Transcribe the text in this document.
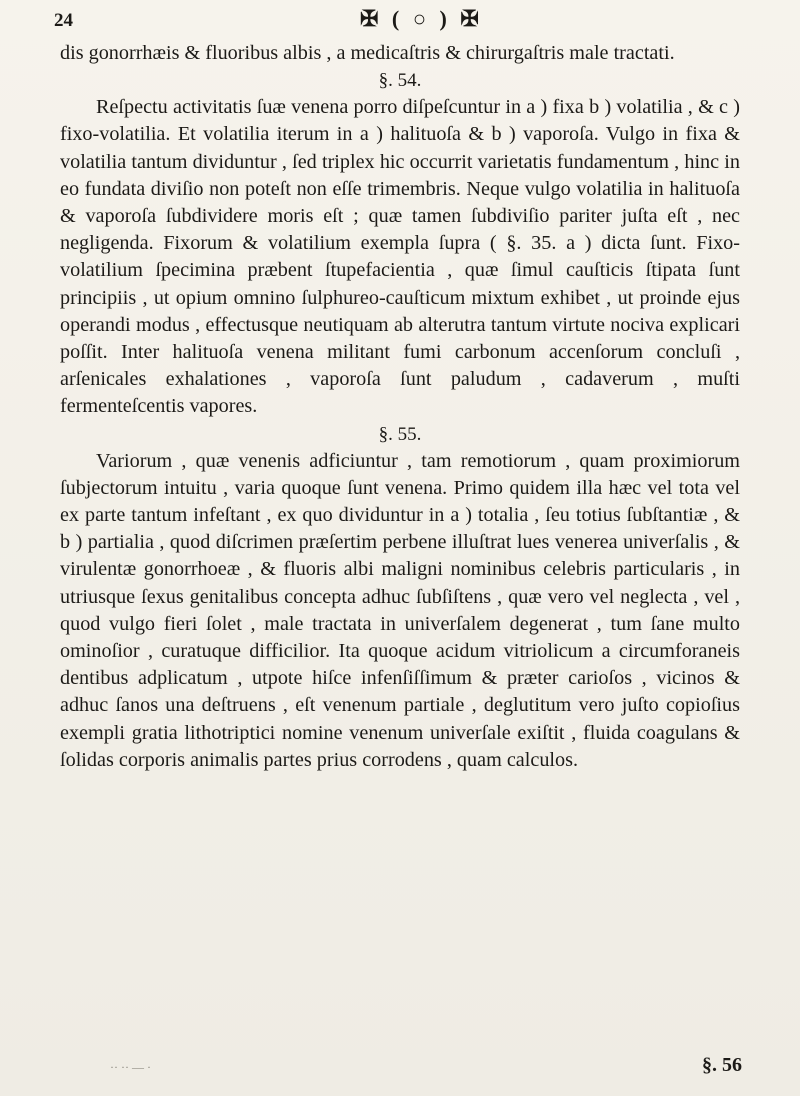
24	✠ ( ○ ) ✠

dis gonorrhæis & fluoribus albis , a medicaſtris & chirurgaſtris male tractati.

§. 54.

Reſpectu activitatis ſuæ venena porro diſpeſcuntur in a ) fixa b ) volatilia , & c ) fixo-volatilia. Et volatilia iterum in a ) halituoſa & b ) vaporoſa. Vulgo in fixa & volatilia tantum dividuntur , ſed triplex hic occurrit varietatis fundamentum , hinc in eo fundata diviſio non poteſt non eſſe trimembris. Neque vulgo volatilia in halituoſa & vaporoſa ſubdividere moris eſt ; quæ tamen ſubdiviſio pariter juſta eſt , nec negligenda. Fixorum & volatilium exempla ſupra ( §. 35. a ) dicta ſunt. Fixo-volatilium ſpecimina præbent ſtupefacientia , quæ ſimul cauſticis ſtipata ſunt principiis , ut opium omnino ſulphureo-cauſticum mixtum exhibet , ut proinde ejus operandi modus , effectusque neutiquam ab alterutra tantum virtute nociva explicari poſſit. Inter halituoſa venena militant fumi carbonum accenſorum concluſi , arſenicales exhalationes , vaporoſa ſunt paludum , cadaverum , muſti fermenteſcentis vapores.

§. 55.

Variorum , quæ venenis adficiuntur , tam remotiorum , quam proximiorum ſubjectorum intuitu , varia quoque ſunt venena. Primo quidem illa hæc vel tota vel ex parte tantum infeſtant , ex quo dividuntur in a ) totalia , ſeu totius ſubſtantiæ , & b ) partialia , quod diſcrimen præſertim perbene illuſtrat lues venerea univerſalis , & virulentæ gonorrhoeæ , & fluoris albi maligni nominibus celebris particularis , in utriusque ſexus genitalibus concepta adhuc ſubſiſtens , quæ vero vel neglecta , vel , quod vulgo fieri ſolet , male tractata in univerſalem degenerat , tum ſane multo ominoſior , curatuque difficilior. Ita quoque acidum vitriolicum a circumforaneis dentibus adplicatum , utpote hiſce infenſiſſimum & præter carioſos , vicinos & adhuc ſanos una deſtruens , eſt venenum partiale , deglutitum vero juſto copioſius exempli gratia lithotriptici nomine venenum univerſale exiſtit , fluida coagulans & ſolidas corporis animalis partes prius corrodens , quam calculos.

·· ·· — ·	§. 56
